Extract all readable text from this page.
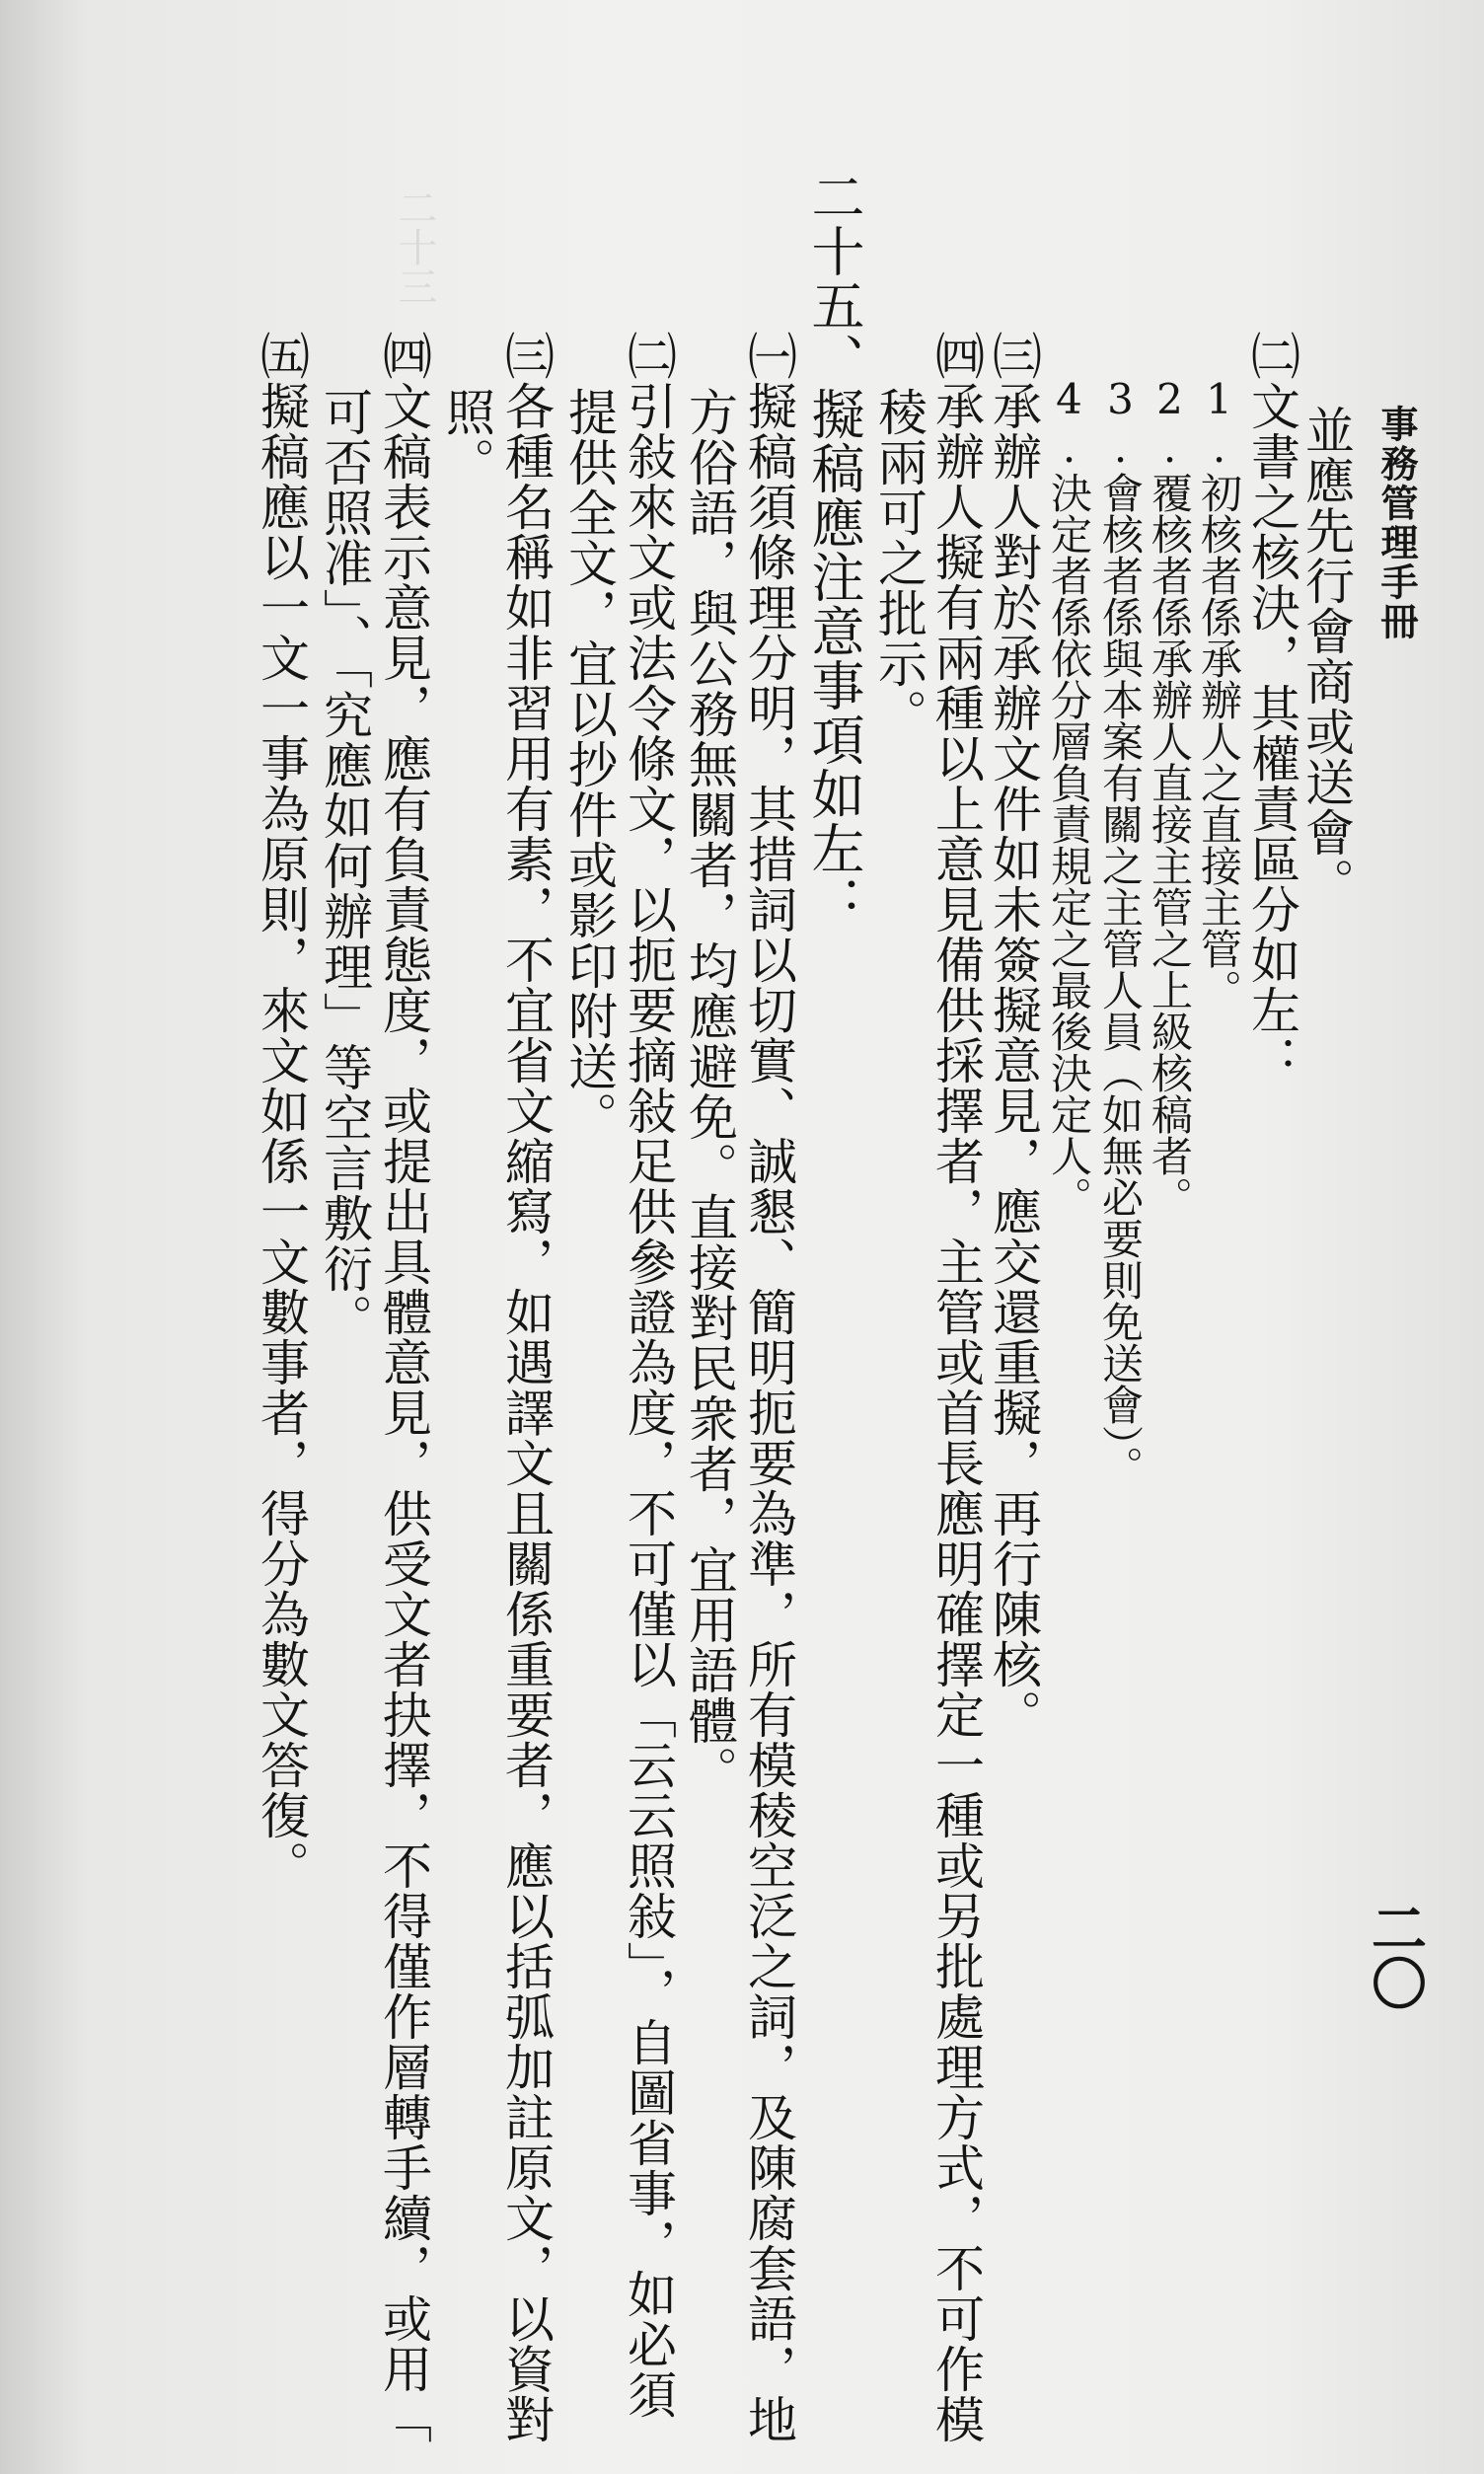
事務管理手冊
二〇
二十三
並應先行會商或送會。
㈡文書之核決，其權責區分如左：
1.初核者係承辦人之直接主管。
2.覆核者係承辦人直接主管之上級核稿者。
3.會核者係與本案有關之主管人員（如無必要則免送會）。
4.決定者係依分層負責規定之最後決定人。
㈢承辦人對於承辦文件如未簽擬意見，應交還重擬，再行陳核。
㈣承辦人擬有兩種以上意見備供採擇者，主管或首長應明確擇定一種或另批處理方式，不可作模
稜兩可之批示。
二十五、擬稿應注意事項如左：
㈠擬稿須條理分明，其措詞以切實、誠懇、簡明扼要為準，所有模稜空泛之詞，及陳腐套語，地
方俗語，與公務無關者，均應避免。直接對民衆者，宜用語體。
㈡引敍來文或法令條文，以扼要摘敍足供參證為度，不可僅以「云云照敍」，自圖省事，如必須
提供全文，宜以抄件或影印附送。
㈢各種名稱如非習用有素，不宜省文縮寫，如遇譯文且關係重要者，應以括弧加註原文，以資對
照。
㈣文稿表示意見，應有負責態度，或提出具體意見，供受文者抉擇，不得僅作層轉手續，或用「
可否照准」、「究應如何辦理」等空言敷衍。
㈤擬稿應以一文一事為原則，來文如係一文數事者，得分為數文答復。
